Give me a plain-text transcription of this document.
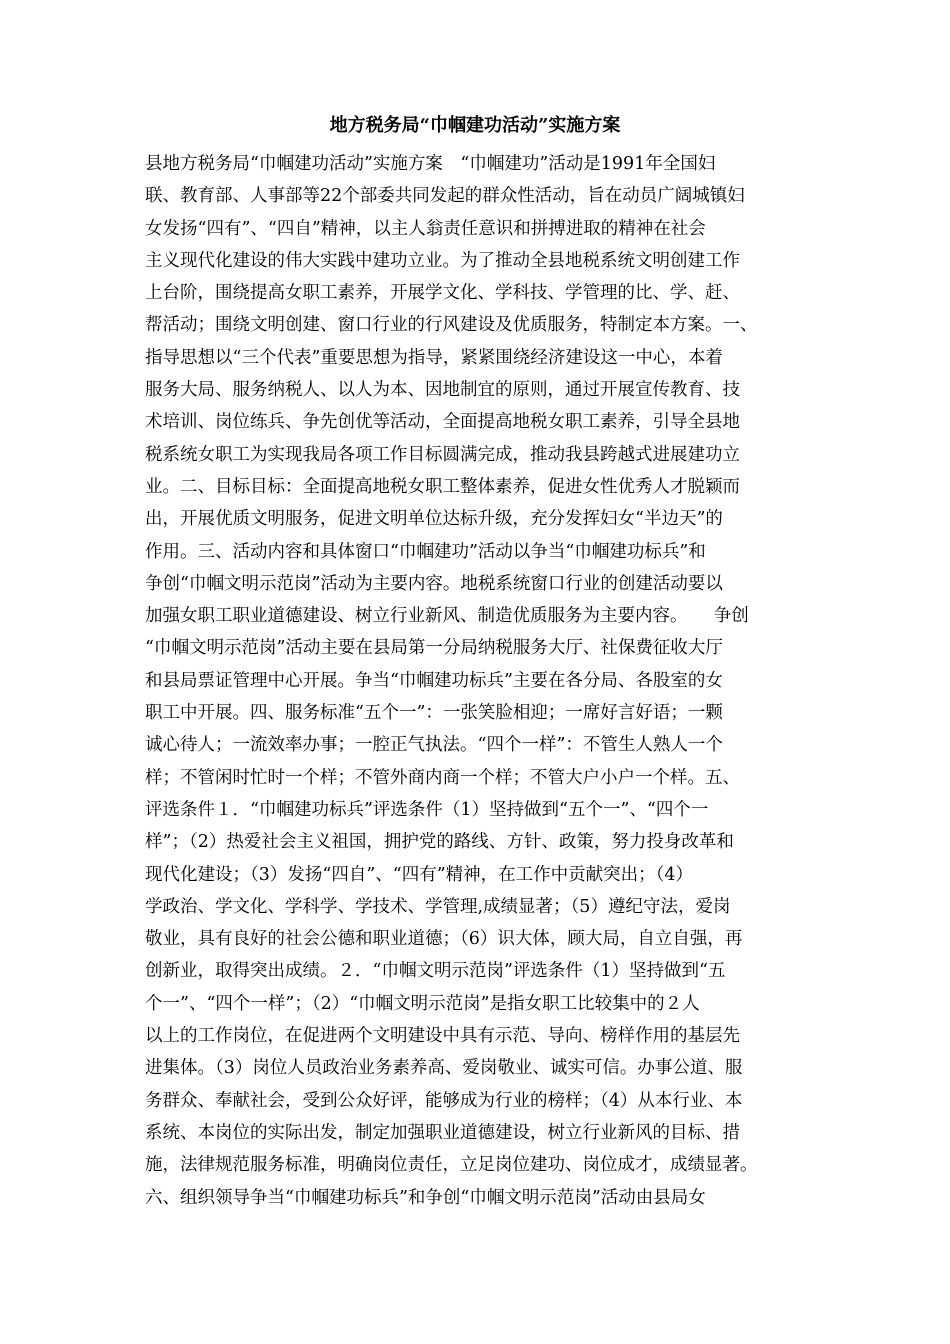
地方税务局“巾帼建功活动”实施方案
县地方税务局“巾帼建功活动”实施方案　“巾帼建功”活动是1991年全国妇
联、教育部、人事部等22个部委共同发起的群众性活动，旨在动员广阔城镇妇
女发扬“四有”、“四自”精神，以主人翁责任意识和拼搏进取的精神在社会
主义现代化建设的伟大实践中建功立业。为了推动全县地税系统文明创建工作
上台阶，围绕提高女职工素养，开展学文化、学科技、学管理的比、学、赶、
帮活动；围绕文明创建、窗口行业的行风建设及优质服务，特制定本方案。一、
指导思想以“三个代表”重要思想为指导，紧紧围绕经济建设这一中心，本着
服务大局、服务纳税人、以人为本、因地制宜的原则，通过开展宣传教育、技
术培训、岗位练兵、争先创优等活动，全面提高地税女职工素养，引导全县地
税系统女职工为实现我局各项工作目标圆满完成，推动我县跨越式进展建功立
业。二、目标目标：全面提高地税女职工整体素养，促进女性优秀人才脱颖而
出，开展优质文明服务，促进文明单位达标升级，充分发挥妇女“半边天”的
作用。三、活动内容和具体窗口“巾帼建功”活动以争当“巾帼建功标兵”和
争创“巾帼文明示范岗”活动为主要内容。地税系统窗口行业的创建活动要以
加强女职工职业道德建设、树立行业新风、制造优质服务为主要内容。　　争创
“巾帼文明示范岗”活动主要在县局第一分局纳税服务大厅、社保费征收大厅
和县局票证管理中心开展。争当“巾帼建功标兵”主要在各分局、各股室的女
职工中开展。四、服务标准“五个一”：一张笑脸相迎；一席好言好语；一颗
诚心待人；一流效率办事；一腔正气执法。“四个一样”：不管生人熟人一个
样；不管闲时忙时一个样；不管外商内商一个样；不管大户小户一个样。五、
评选条件１．“巾帼建功标兵”评选条件（1）坚持做到“五个一”、“四个一
样”；（2）热爱社会主义祖国，拥护党的路线、方针、政策，努力投身改革和
现代化建设；（3）发扬“四自”、“四有”精神，在工作中贡献突出；（4）
学政治、学文化、学科学、学技术、学管理,成绩显著；（5）遵纪守法，爱岗
敬业，具有良好的社会公德和职业道德；（6）识大体，顾大局，自立自强，再
创新业，取得突出成绩。２．“巾帼文明示范岗”评选条件（1）坚持做到“五
个一”、“四个一样”；（2）“巾帼文明示范岗”是指女职工比较集中的２人
以上的工作岗位，在促进两个文明建设中具有示范、导向、榜样作用的基层先
进集体。（3）岗位人员政治业务素养高、爱岗敬业、诚实可信。办事公道、服
务群众、奉献社会，受到公众好评，能够成为行业的榜样；（4）从本行业、本
系统、本岗位的实际出发，制定加强职业道德建设，树立行业新风的目标、措
施，法律规范服务标准，明确岗位责任，立足岗位建功、岗位成才，成绩显著。
六、组织领导争当“巾帼建功标兵”和争创“巾帼文明示范岗”活动由县局女
